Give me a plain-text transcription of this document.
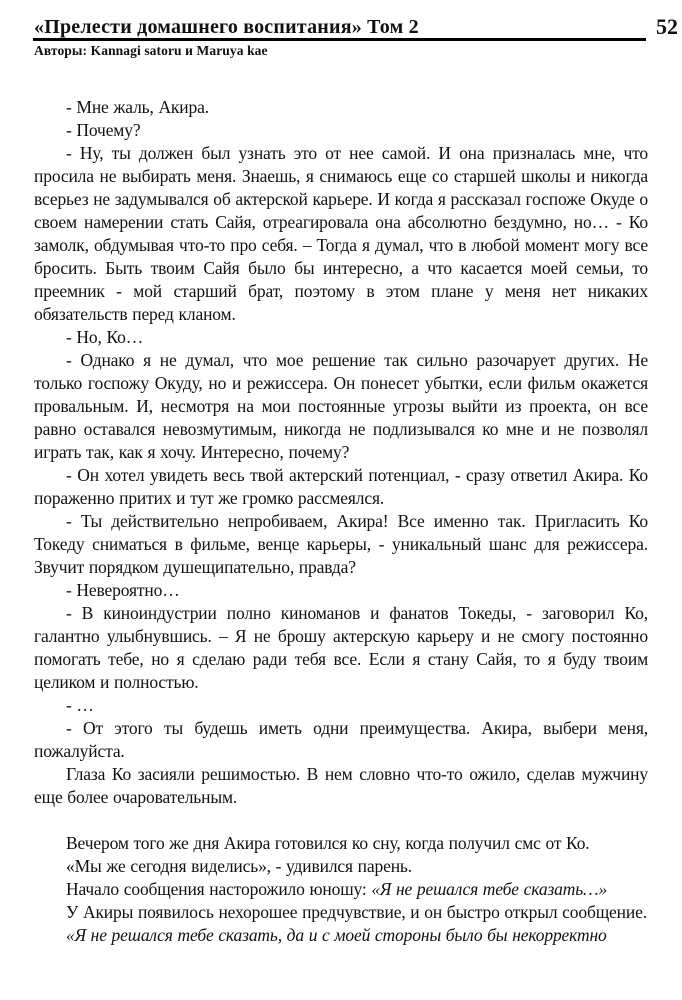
«Прелести домашнего воспитания» Том 2	52
Авторы: Kannagi satoru и Maruya kae

- Мне жаль, Акира.

- Почему?

- Ну, ты должен был узнать это от нее самой. И она призналась мне, что просила не выбирать меня. Знаешь, я снимаюсь еще со старшей школы и никогда всерьез не задумывался об актерской карьере. И когда я рассказал госпоже Окуде о своем намерении стать Сайя, отреагировала она абсолютно бездумно, но… - Ко замолк, обдумывая что-то про себя. – Тогда я думал, что в любой момент могу все бросить. Быть твоим Сайя было бы интересно, а что касается моей семьи, то преемник - мой старший брат, поэтому в этом плане у меня нет никаких обязательств перед кланом.

- Но, Ко…

- Однако я не думал, что мое решение так сильно разочарует других. Не только госпожу Окуду, но и режиссера. Он понесет убытки, если фильм окажется провальным. И, несмотря на мои постоянные угрозы выйти из проекта, он все равно оставался невозмутимым, никогда не подлизывался ко мне и не позволял играть так, как я хочу. Интересно, почему?

- Он хотел увидеть весь твой актерский потенциал, - сразу ответил Акира. Ко пораженно притих и тут же громко рассмеялся.

- Ты действительно непробиваем, Акира! Все именно так. Пригласить Ко Токеду сниматься в фильме, венце карьеры, - уникальный шанс для режиссера. Звучит порядком душещипательно, правда?

- Невероятно…

- В киноиндустрии полно киноманов и фанатов Токеды, - заговорил Ко, галантно улыбнувшись. – Я не брошу актерскую карьеру и не смогу постоянно помогать тебе, но я сделаю ради тебя все. Если я стану Сайя, то я буду твоим целиком и полностью.

- …

- От этого ты будешь иметь одни преимущества. Акира, выбери меня, пожалуйста.

Глаза Ко засияли решимостью. В нем словно что-то ожило, сделав мужчину еще более очаровательным.

Вечером того же дня Акира готовился ко сну, когда получил смс от Ко.

«Мы же сегодня виделись», - удивился парень.

Начало сообщения насторожило юношу: «Я не решался тебе сказать…»

У Акиры появилось нехорошее предчувствие, и он быстро открыл сообщение.

«Я не решался тебе сказать, да и с моей стороны было бы некорректно
